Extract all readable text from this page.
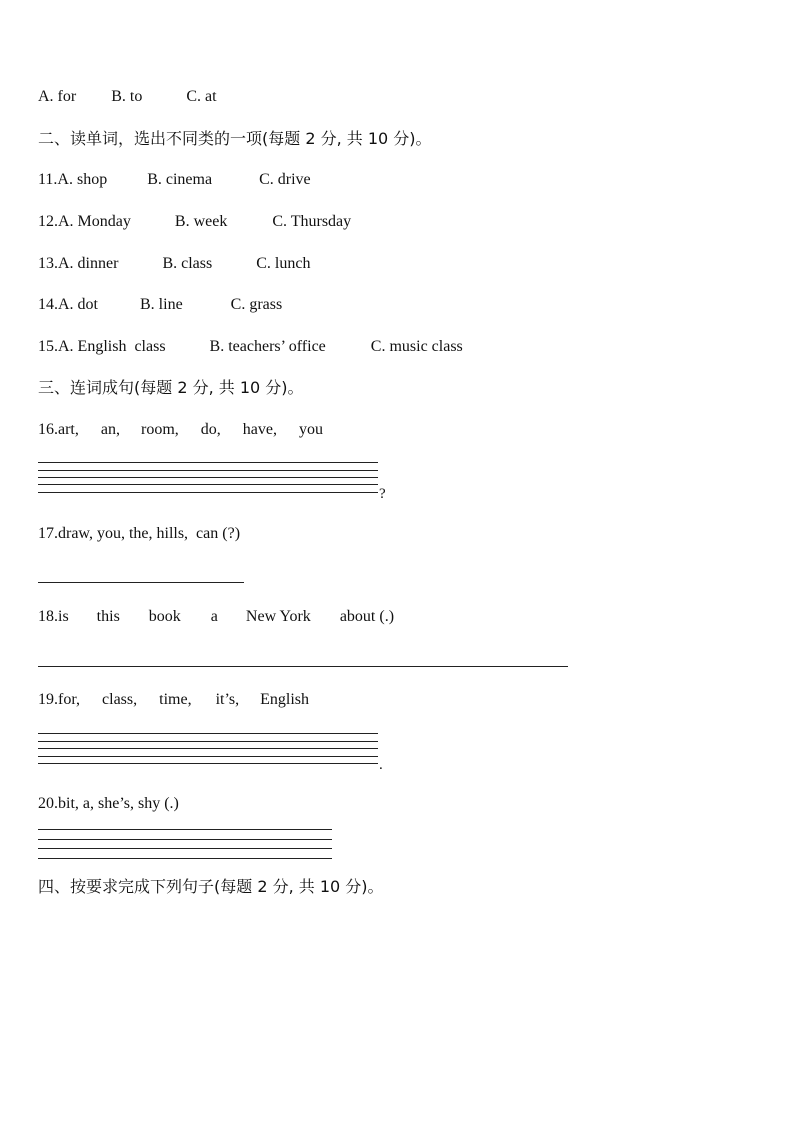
A. for B. to	C. at
二、读单词，选出不同类的一项(每题 2 分, 共 10 分)。
11.A. shop	B. cinema	C. drive
12.A. Monday	B. week	C. Thursday
13.A. dinner	B. class	C. lunch
14.A. dot	B. line	C. grass
15.A. English  class	B. teachers’ office	C. music class
三、连词成句(每题 2 分, 共 10 分)。
16.art, an, room, do, have, you
?
17.draw, you, the, hills,  can (?)
18.is this book a New York about (.)
19.for, class, time, it’s, English
.
20.bit, a, she’s, shy (.)
四、按要求完成下列句子(每题 2 分, 共 10 分)。
